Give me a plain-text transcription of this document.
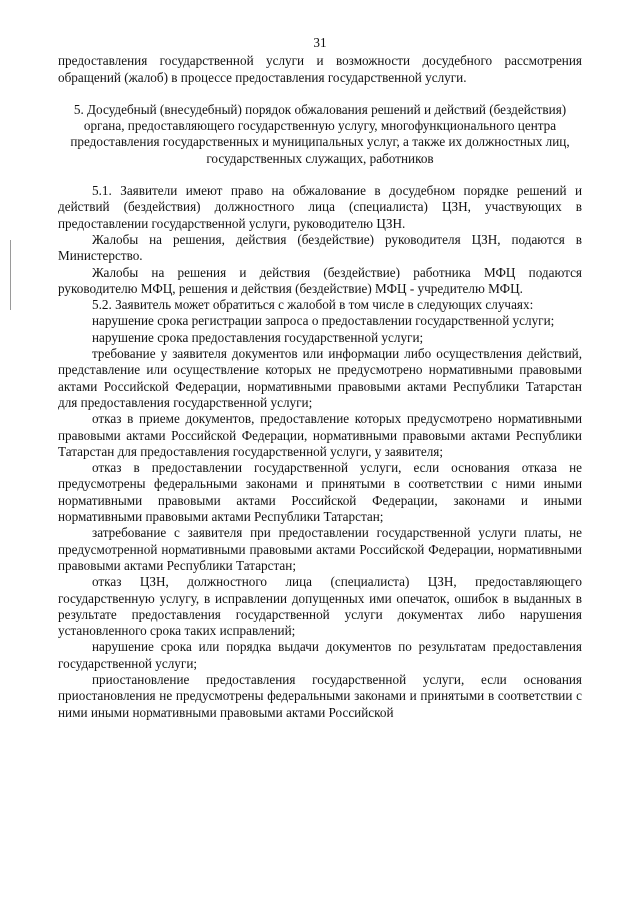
31

предоставления государственной услуги и возможности досудебного рассмотрения обращений (жалоб) в процессе предоставления государственной услуги.

5. Досудебный (внесудебный) порядок обжалования решений и действий (бездействия) органа, предоставляющего государственную услугу, многофункционального центра предоставления государственных и муниципальных услуг, а также их должностных лиц, государственных служащих, работников

5.1. Заявители имеют право на обжалование в досудебном порядке решений и действий (бездействия) должностного лица (специалиста) ЦЗН, участвующих в предоставлении государственной услуги, руководителю ЦЗН.

Жалобы на решения, действия (бездействие) руководителя ЦЗН, подаются в Министерство.

Жалобы на решения и действия (бездействие) работника МФЦ подаются руководителю МФЦ, решения и действия (бездействие) МФЦ - учредителю МФЦ.

5.2. Заявитель может обратиться с жалобой в том числе в следующих случаях:

нарушение срока регистрации запроса о предоставлении государственной услуги;

нарушение срока предоставления государственной услуги;

требование у заявителя документов или информации либо осуществления действий, представление или осуществление которых не предусмотрено нормативными правовыми актами Российской Федерации, нормативными правовыми актами Республики Татарстан для предоставления государственной услуги;

отказ в приеме документов, предоставление которых предусмотрено нормативными правовыми актами Российской Федерации, нормативными правовыми актами Республики Татарстан для предоставления государственной услуги, у заявителя;

отказ в предоставлении государственной услуги, если основания отказа не предусмотрены федеральными законами и принятыми в соответствии с ними иными нормативными правовыми актами Российской Федерации, законами и иными нормативными правовыми актами Республики Татарстан;

затребование с заявителя при предоставлении государственной услуги платы, не предусмотренной нормативными правовыми актами Российской Федерации, нормативными правовыми актами Республики Татарстан;

отказ ЦЗН, должностного лица (специалиста) ЦЗН, предоставляющего государственную услугу, в исправлении допущенных ими опечаток, ошибок в выданных в результате предоставления государственной услуги документах либо нарушения установленного срока таких исправлений;

нарушение срока или порядка выдачи документов по результатам предоставления государственной услуги;

приостановление предоставления государственной услуги, если основания приостановления не предусмотрены федеральными законами и принятыми в соответствии с ними иными нормативными правовыми актами Российской
